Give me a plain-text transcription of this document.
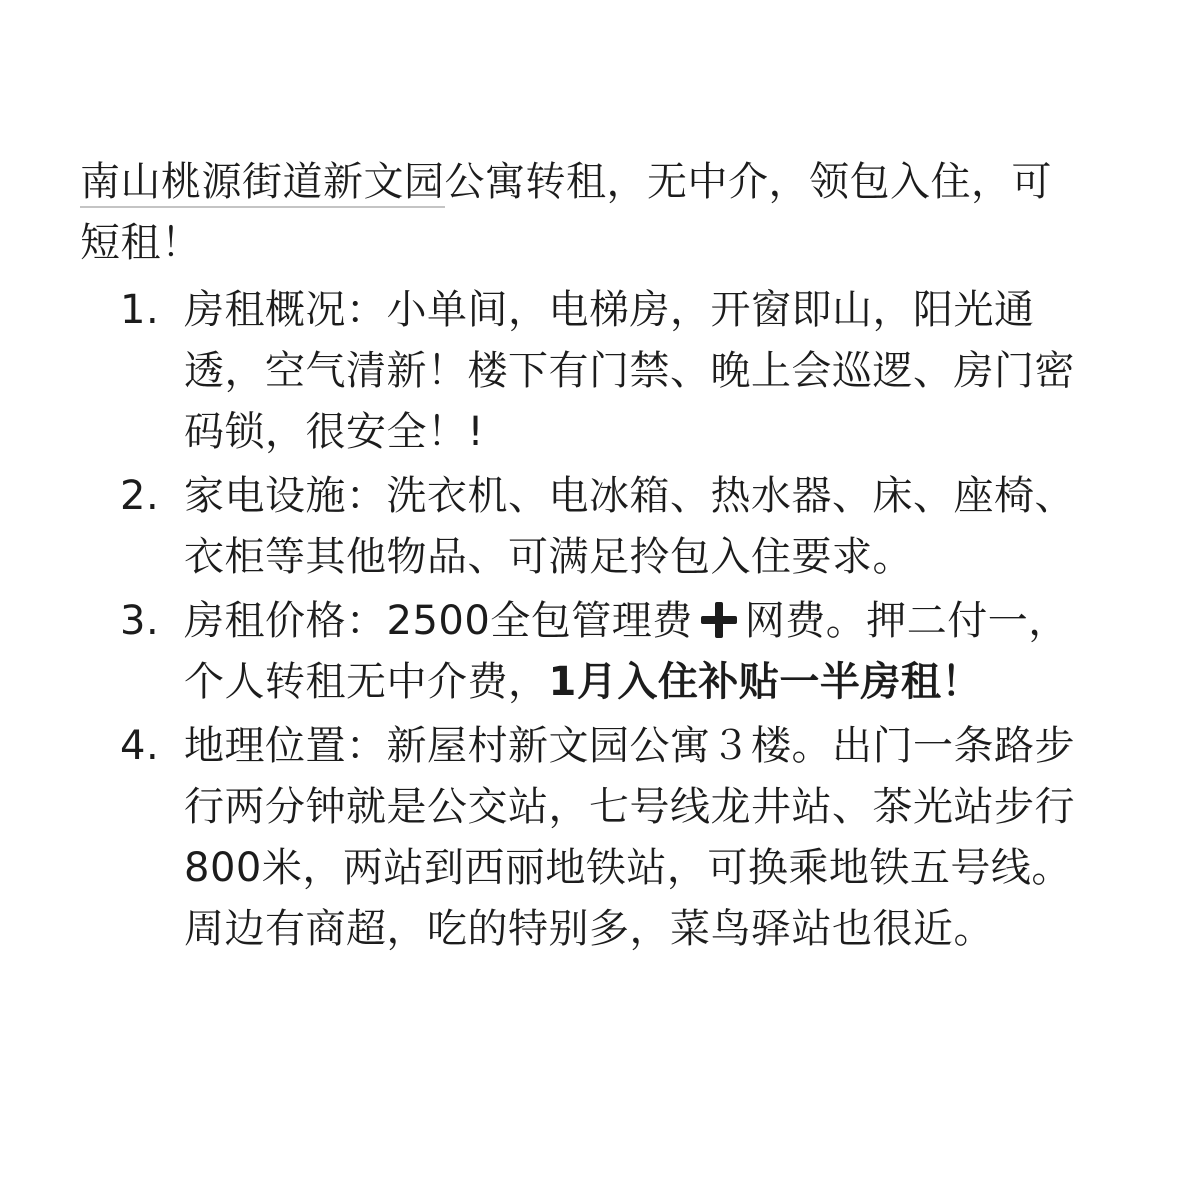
南山桃源街道新文园公寓转租，无中介，领包入住，可短租！
1. 房租概况：小单间，电梯房，开窗即山，阳光通透，空气清新！楼下有门禁、晚上会巡逻、房门密码锁，很安全！!
2. 家电设施：洗衣机、电冰箱、热水器、床、座椅、衣柜等其他物品、可满足拎包入住要求。
3. 房租价格：2500全包管理费 网费。押二付一，个人转租无中介费，1月入住补贴一半房租！
4. 地理位置：新屋村新文园公寓３楼。出门一条路步行两分钟就是公交站，七号线龙井站、茶光站步行800米，两站到西丽地铁站，可换乘地铁五号线。周边有商超，吃的特别多，菜鸟驿站也很近。
